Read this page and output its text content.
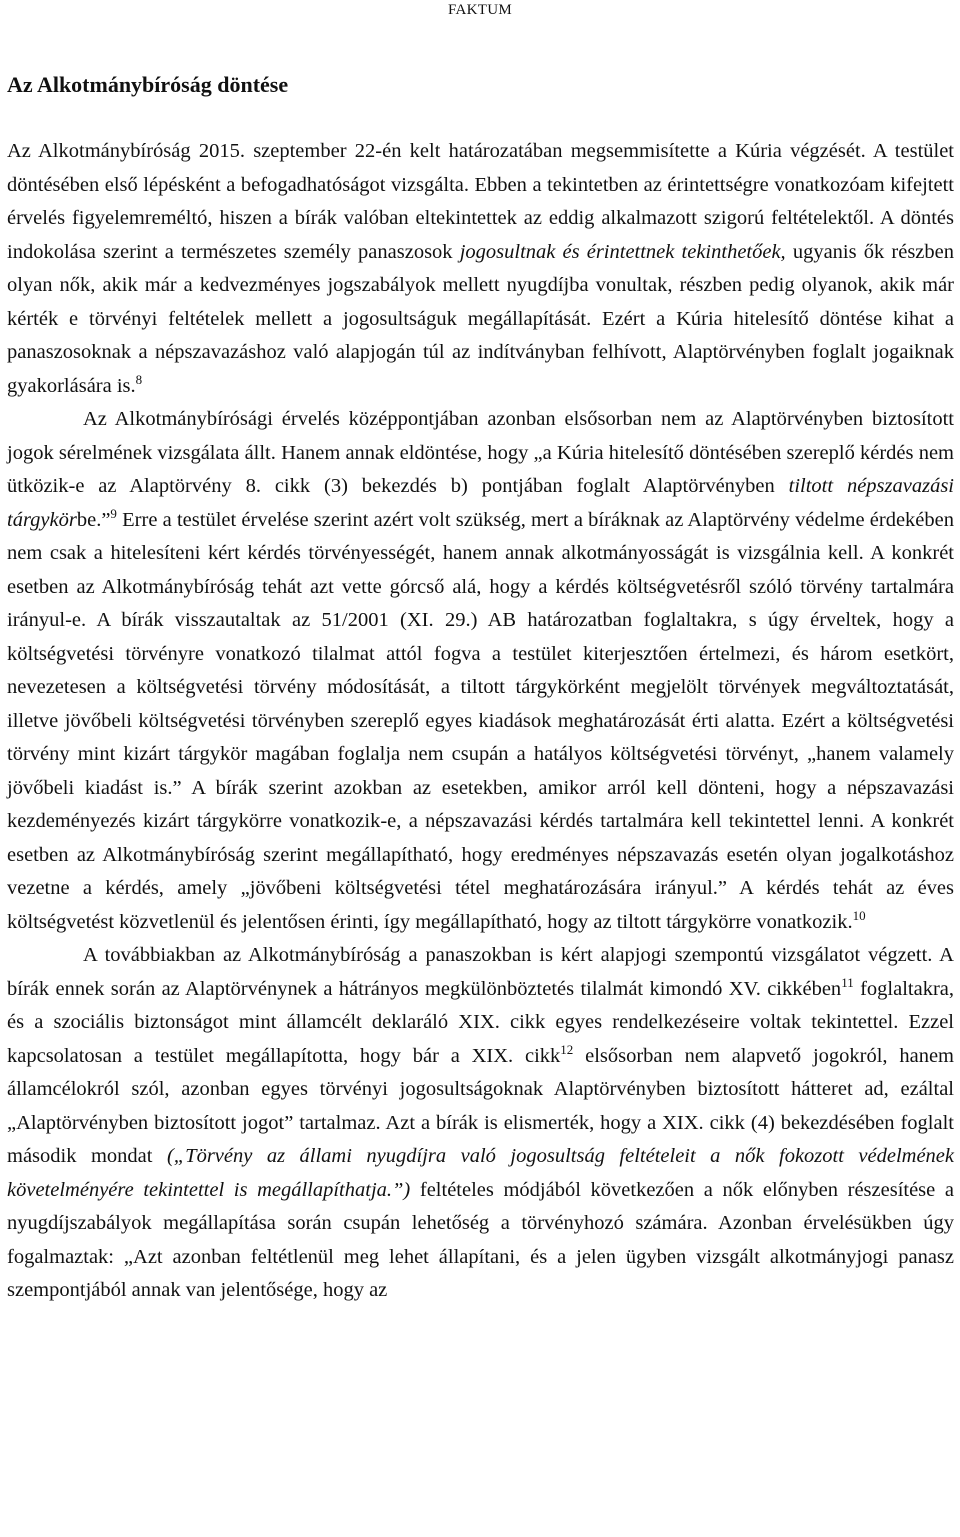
FAKTUM
Az Alkotmánybíróság döntése

Az Alkotmánybíróság 2015. szeptember 22-én kelt határozatában megsemmisítette a Kúria végzését. A testület döntésében első lépésként a befogadhatóságot vizsgálta. Ebben a tekintetben az érintettségre vonatkozóam kifejtett érvelés figyelemreméltó, hiszen a bírák valóban eltekintettek az eddig alkalmazott szigorú feltételektől. A döntés indokolása szerint a természetes személy panaszosok jogosultnak és érintettnek tekinthetőek, ugyanis ők részben olyan nők, akik már a kedvezményes jogszabályok mellett nyugdíjba vonultak, részben pedig olyanok, akik már kérték e törvényi feltételek mellett a jogosultságuk megállapítását. Ezért a Kúria hitelesítő döntése kihat a panaszosoknak a népszavazáshoz való alapjogán túl az indítványban felhívott, Alaptörvényben foglalt jogaiknak gyakorlására is.$^8$

Az Alkotmánybírósági érvelés középpontjában azonban elsősorban nem az Alaptörvényben biztosított jogok sérelmének vizsgálata állt. Hanem annak eldöntése, hogy „a Kúria hitelesítő döntésében szereplő kérdés nem ütközik-e az Alaptörvény 8. cikk (3) bekezdés b) pontjában foglalt Alaptörvényben tiltott népszavazási tárgykörbe.”$^9$ Erre a testület érvelése szerint azért volt szükség, mert a bíráknak az Alaptörvény védelme érdekében nem csak a hitelesíteni kért kérdés törvényességét, hanem annak alkotmányosságát is vizsgálnia kell. A konkrét esetben az Alkotmánybíróság tehát azt vette górcső alá, hogy a kérdés költségvetésről szóló törvény tartalmára irányul-e. A bírák visszautaltak az 51/2001 (XI. 29.) AB határozatban foglaltakra, s úgy érveltek, hogy a költségvetési törvényre vonatkozó tilalmat attól fogva a testület kiterjesztően értelmezi, és három esetkört, nevezetesen a költségvetési törvény módosítását, a tiltott tárgykörként megjelölt törvények megváltoztatását, illetve jövőbeli költségvetési törvényben szereplő egyes kiadások meghatározását érti alatta. Ezért a költségvetési törvény mint kizárt tárgykör magában foglalja nem csupán a hatályos költségvetési törvényt, „hanem valamely jövőbeli kiadást is.” A bírák szerint azokban az esetekben, amikor arról kell dönteni, hogy a népszavazási kezdeményezés kizárt tárgykörre vonatkozik-e, a népszavazási kérdés tartalmára kell tekintettel lenni. A konkrét esetben az Alkotmánybíróság szerint megállapítható, hogy eredményes népszavazás esetén olyan jogalkotáshoz vezetne a kérdés, amely „jövőbeni költségvetési tétel meghatározására irányul.” A kérdés tehát az éves költségvetést közvetlenül és jelentősen érinti, így megállapítható, hogy az tiltott tárgykörre vonatkozik.$^{10}$

A továbbiakban az Alkotmánybíróság a panaszokban is kért alapjogi szempontú vizsgálatot végzett. A bírák ennek során az Alaptörvénynek a hátrányos megkülönböztetés tilalmát kimondó XV. cikkében$^{11}$ foglaltakra, és a szociális biztonságot mint államcélt deklaráló XIX. cikk egyes rendelkezéseire voltak tekintettel. Ezzel kapcsolatosan a testület megállapította, hogy bár a XIX. cikk$^{12}$ elsősorban nem alapvető jogokról, hanem államcélokról szól, azonban egyes törvényi jogosultságoknak Alaptörvényben biztosított hátteret ad, ezáltal „Alaptörvényben biztosított jogot” tartalmaz. Azt a bírák is elismerték, hogy a XIX. cikk (4) bekezdésében foglalt második mondat („Törvény az állami nyugdíjra való jogosultság feltételeit a nők fokozott védelmének követelményére tekintettel is megállapíthatja.”) feltételes módjából következően a nők előnyben részesítése a nyugdíjszabályok megállapítása során csupán lehetőség a törvényhozó számára. Azonban érvelésükben úgy fogalmaztak: „Azt azonban feltétlenül meg lehet állapítani, és a jelen ügyben vizsgált alkotmányjogi panasz szempontjából annak van jelentősége, hogy az
